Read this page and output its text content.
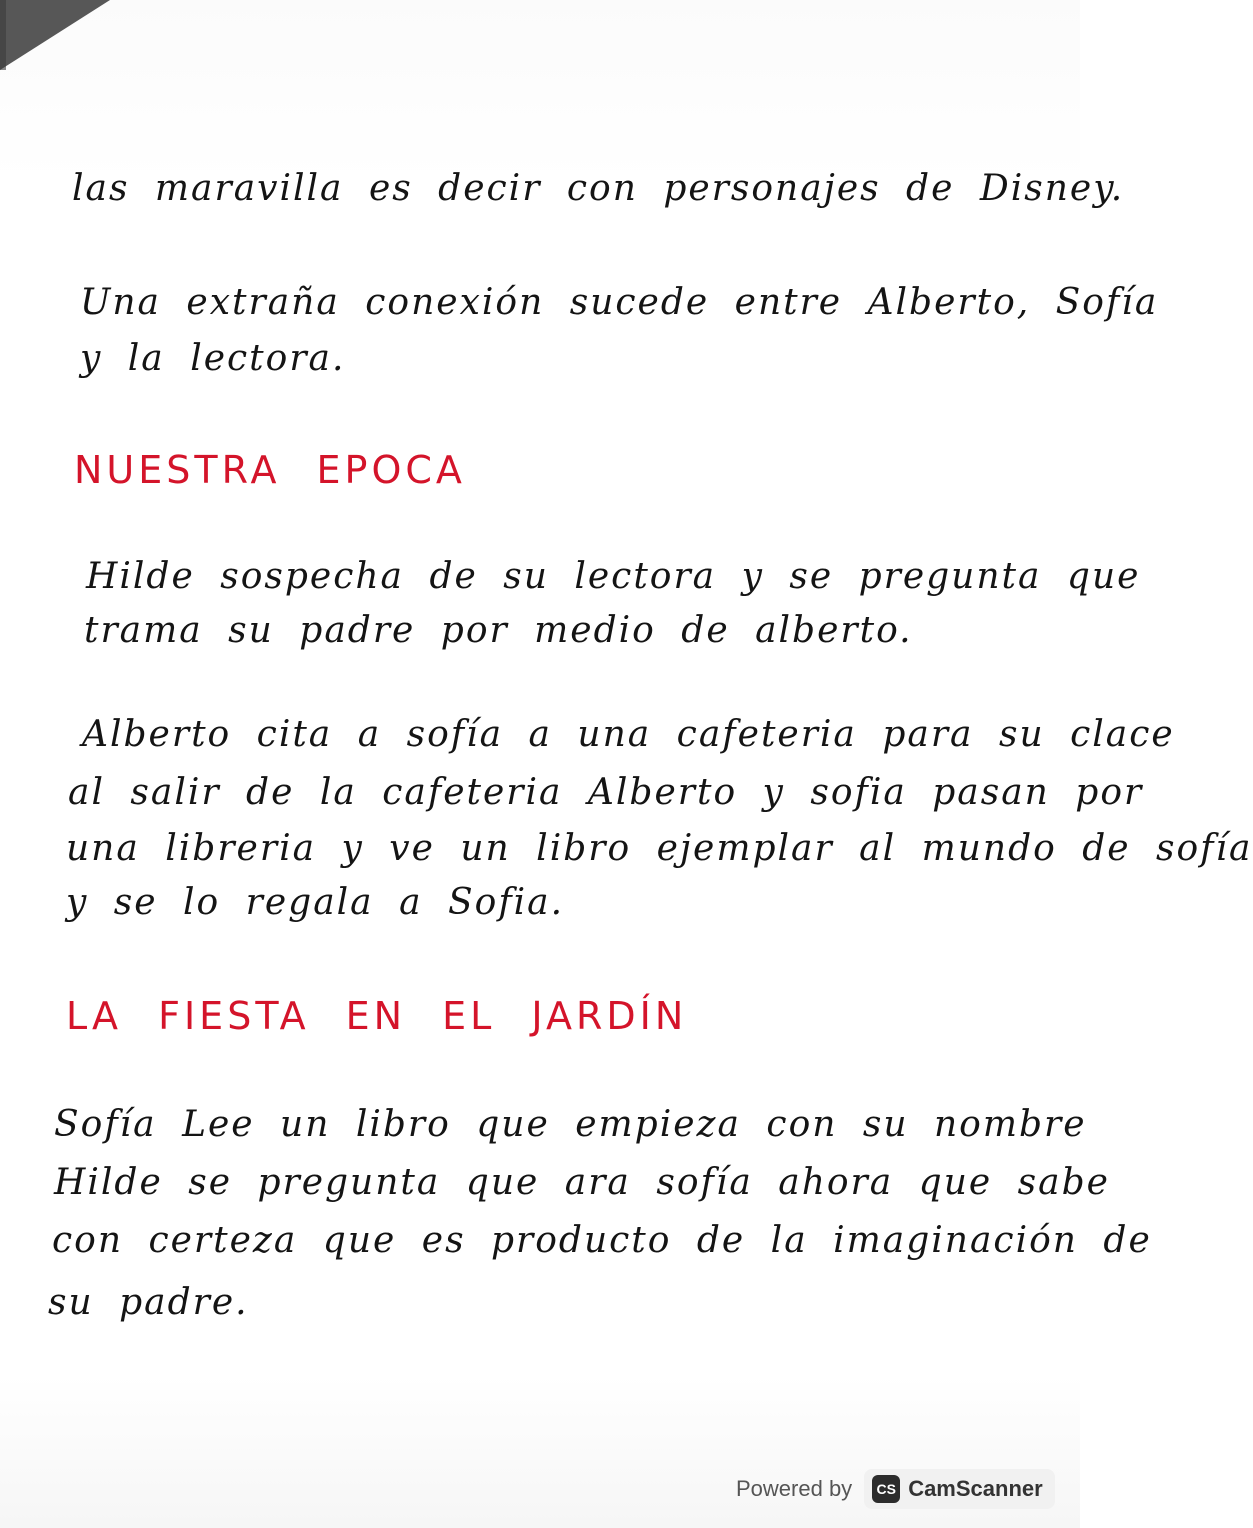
las maravilla es decir con personajes de Disney.
Una extraña conexión sucede entre Alberto, Sofía
y la lectora.
NUESTRA EPOCA
Hilde sospecha de su lectora y se pregunta que
trama su padre por medio de alberto.
Alberto cita a sofía a una cafeteria para su clace
al salir de la cafeteria Alberto y sofia pasan por
una libreria y ve un libro ejemplar al mundo de sofía
y se lo regala a Sofia.
LA FIESTA EN EL JARDÍN
Sofía Lee un libro que empieza con su nombre
Hilde se pregunta que ara sofía ahora que sabe
con certeza que es producto de la imaginación de
su padre.
Powered by	CS CamScanner
